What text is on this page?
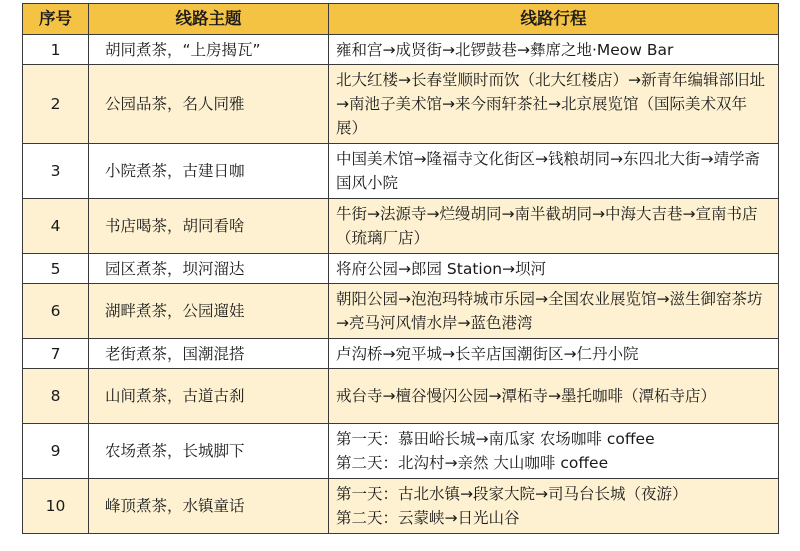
序号	线路主题	线路行程
1	胡同煮茶，“上房揭瓦”	雍和宫→成贤街→北锣鼓巷→彝席之地·Meow Bar

2	公园品茶，名人同雅	北大红楼→长春堂顺时而饮（北大红楼店）→新青年编辑部旧址→南池子美术馆→来今雨轩茶社→北京展览馆（国际美术双年展）

3	小院煮茶，古建日咖	中国美术馆→隆福寺文化街区→钱粮胡同→东四北大街→靖学斋国风小院

4	书店喝茶，胡同看啥	牛街→法源寺→烂缦胡同→南半截胡同→中海大吉巷→宣南书店（琉璃厂店）

5	园区煮茶，坝河溜达	将府公园→郎园 Station→坝河

6	湖畔煮茶，公园遛娃	朝阳公园→泡泡玛特城市乐园→全国农业展览馆→滋生御窑茶坊→亮马河风情水岸→蓝色港湾

7	老街煮茶，国潮混搭	卢沟桥→宛平城→长辛店国潮街区→仁丹小院

8	山间煮茶，古道古刹	戒台寺→檀谷慢闪公园→潭柘寺→墨托咖啡（潭柘寺店）

9	农场煮茶，长城脚下	第一天：慕田峪长城→南瓜家 农场咖啡 coffee
第二天：北沟村→亲然 大山咖啡 coffee

10	峰顶煮茶，水镇童话	第一天：古北水镇→段家大院→司马台长城（夜游）
第二天：云蒙峡→日光山谷
